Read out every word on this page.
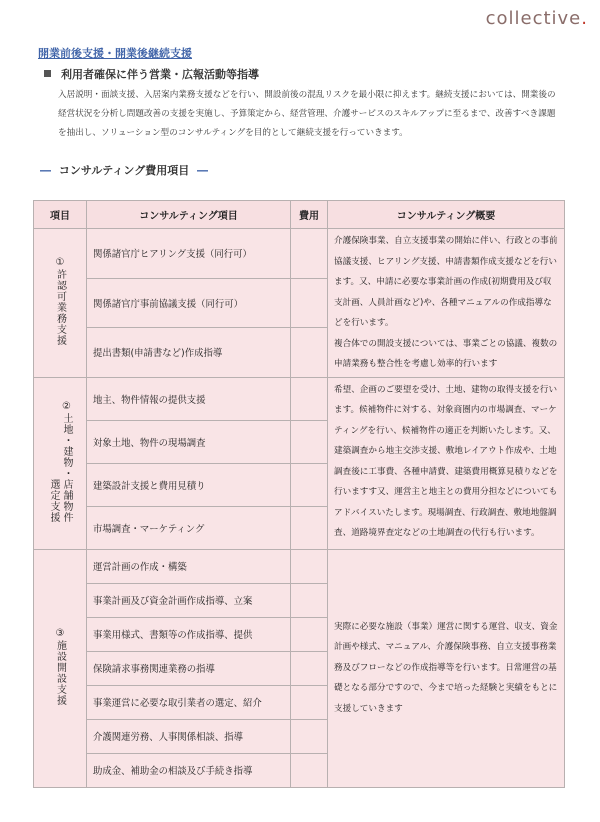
collective.
開業前後支援・開業後継続支援
利用者確保に伴う営業・広報活動等指導
入居説明・面談支援、入居案内業務支援などを行い、開設前後の混乱リスクを最小限に抑えます。継続支援においては、開業後の経営状況を分析し問題改善の支援を実施し、予算策定から、経営管理、介護サービスのスキルアップに至るまで、改善すべき課題を抽出し、ソリューション型のコンサルティングを目的として継続支援を行っていきます。
― コンサルティング費用項目 ―
項目	コンサルティング項目	費用	コンサルティング概要
①許認可業務支援	関係諸官庁ヒアリング支援（同行可）		介護保険事業、自立支援事業の開始に伴い、行政との事前協議支援、ヒアリング支援、申請書類作成支援などを行います。又、申請に必要な事業計画の作成(初期費用及び収支計画、人員計画など)や、各種マニュアルの作成指導などを行います。
複合体での開設支援については、事業ごとの協議、複数の申請業務も整合性を考慮し効率的行います

	関係諸官庁事前協議支援（同行可）		
	提出書類(申請書など)作成指導		
選定支援 ②土地・建物・店舗物件	地主、物件情報の提供支援		希望、企画のご要望を受け、土地、建物の取得支援を行います。候補物件に対する、対象商圏内の市場調査、マーケティングを行い、候補物件の適正を判断いたします。又、建築調査から地主交渉支援、敷地レイアウト作成や、土地調査後に工事費、各種申請費、建築費用概算見積りなどを行いますす又、運営主と地主との費用分担などについてもアドバイスいたします。現場調査、行政調査、敷地地盤調査、道路境界査定などの土地調査の代行も行います。

	対象土地、物件の現場調査		
	建築設計支援と費用見積り		
	市場調査・マーケティング		
③施設開設支援	運営計画の作成・構築		実際に必要な施設（事業）運営に関する運営、収支、資金計画や様式、マニュアル、介護保険事務、自立支援事務業務及びフローなどの作成指導等を行います。日常運営の基礎となる部分ですので、今まで培った経験と実績をもとに支援していきます

	事業計画及び資金計画作成指導、立案		
	事業用様式、書類等の作成指導、提供		
	保険請求事務関連業務の指導		
	事業運営に必要な取引業者の選定、紹介		
	介護関連労務、人事関係相談、指導		
	助成金、補助金の相談及び手続き指導		
